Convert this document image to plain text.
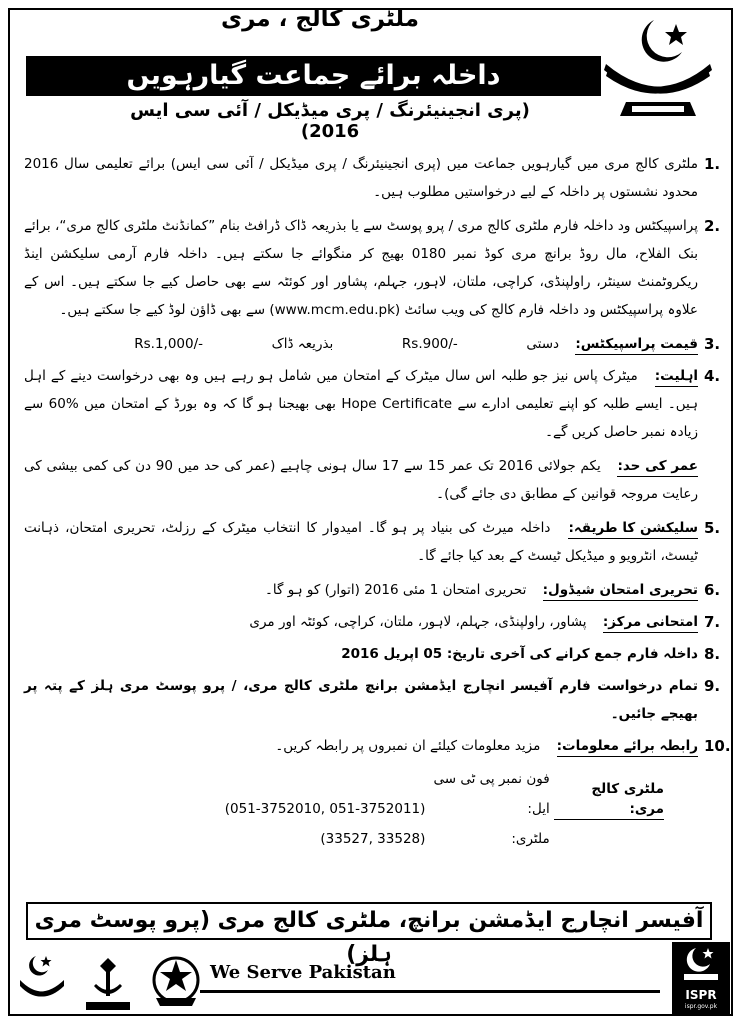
ملٹری کالج ، مری
داخلہ برائے جماعت گیارہویں
(پری انجینیئرنگ / پری میڈیکل / آئی سی ایس 2016)
1.
ملٹری کالج مری میں گیارہویں جماعت میں (پری انجینیئرنگ / پری میڈیکل / آئی سی ایس) برائے تعلیمی سال 2016 محدود نشستوں پر داخلہ کے لیے درخواستیں مطلوب ہیں۔
2.
پراسپیکٹس ود داخلہ فارم ملٹری کالج مری / پرو پوسٹ سے یا بذریعہ ڈاک ڈرافٹ بنام ”کمانڈنٹ ملٹری کالج مری“، برائے بنک الفلاح، مال روڈ برانچ مری کوڈ نمبر 0180 بھیج کر منگوائے جا سکتے ہیں۔ داخلہ فارم آرمی سلیکشن اینڈ ریکروٹمنٹ سینٹر، راولپنڈی، کراچی، ملتان، لاہور، جہلم، پشاور اور کوئٹہ سے بھی حاصل کیے جا سکتے ہیں۔ اس کے علاوہ پراسپیکٹس ود داخلہ فارم کالج کی ویب سائٹ (www.mcm.edu.pk) سے بھی ڈاؤن لوڈ کیے جا سکتے ہیں۔
3.
قیمت پراسپیکٹس: دستی  Rs.900/-  بذریعہ ڈاک  Rs.1,000/-
4.
اہلیت: میٹرک پاس نیز جو طلبہ اس سال میٹرک کے امتحان میں شامل ہو رہے ہیں وہ بھی درخواست دینے کے اہل ہیں۔ ایسے طلبہ کو اپنے تعلیمی ادارے سے Hope Certificate بھی بھیجنا ہو گا کہ وہ بورڈ کے امتحان میں %60 سے زیادہ نمبر حاصل کریں گے۔
عمر کی حد: یکم جولائی 2016 تک عمر 15 سے 17 سال ہونی چاہیے (عمر کی حد میں 90 دن کی کمی بیشی کی رعایت مروجہ قوانین کے مطابق دی جائے گی)۔
5.
سلیکشن کا طریقہ: داخلہ میرٹ کی بنیاد پر ہو گا۔ امیدوار کا انتخاب میٹرک کے رزلٹ، تحریری امتحان، ذہانت ٹیسٹ، انٹرویو و میڈیکل ٹیسٹ کے بعد کیا جائے گا۔
6.
تحریری امتحان شیڈول: تحریری امتحان 1 مئی 2016 (اتوار) کو ہو گا۔
7.
امتحانی مرکز: پشاور، راولپنڈی، جہلم، لاہور، ملتان، کراچی، کوئٹہ اور مری
8.
داخلہ فارم جمع کرانے کی آخری تاریخ: 05 اپریل 2016
9.
تمام درخواست فارم آفیسر انچارج ایڈمشن برانچ ملٹری کالج مری، / پرو پوسٹ مری ہلز کے پتہ پر بھیجے جائیں۔
10.
رابطہ برائے معلومات: مزید معلومات کیلئے ان نمبروں پر رابطہ کریں۔
ملٹری کالج مری: فون نمبر پی ٹی سی ایل: (051-3752010, 051-3752011)
ملٹری: (33527, 33528)
آفیسر انچارج ایڈمشن برانچ، ملٹری کالج مری (پرو پوسٹ مری ہلز)
We Serve Pakistan
ISPR
ispr.gov.pk
